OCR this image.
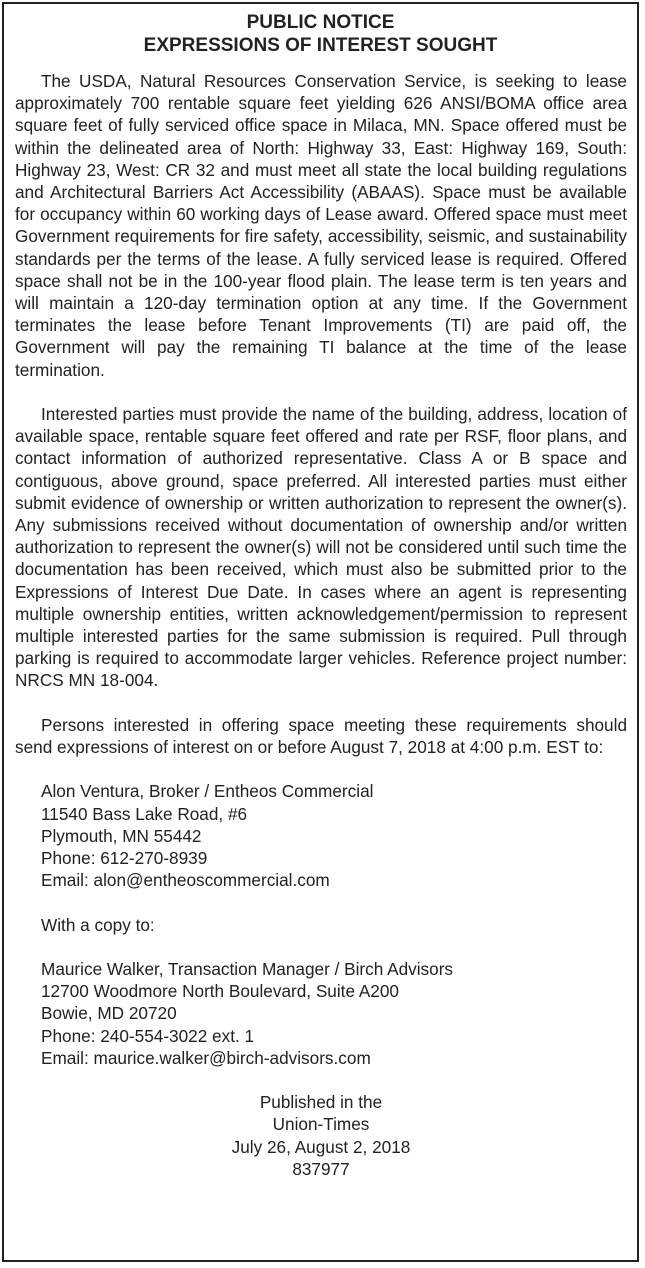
PUBLIC NOTICE
EXPRESSIONS OF INTEREST SOUGHT

The USDA, Natural Resources Conservation Service, is seeking to lease approximately 700 rentable square feet yielding 626 ANSI/BOMA office area square feet of fully serviced office space in Milaca, MN. Space offered must be within the delineated area of North: Highway 33, East: Highway 169, South: Highway 23, West: CR 32 and must meet all state the local building regulations and Architectural Barriers Act Accessibility (ABAAS). Space must be available for occupancy within 60 working days of Lease award. Offered space must meet Government requirements for fire safety, accessibility, seismic, and sustainability standards per the terms of the lease. A fully serviced lease is required. Offered space shall not be in the 100-year flood plain. The lease term is ten years and will maintain a 120-day termination option at any time. If the Government terminates the lease before Tenant Improvements (TI) are paid off, the Government will pay the remaining TI balance at the time of the lease termination.

Interested parties must provide the name of the building, address, location of available space, rentable square feet offered and rate per RSF, floor plans, and contact information of authorized representative. Class A or B space and contiguous, above ground, space preferred. All interested parties must either submit evidence of ownership or written authorization to represent the owner(s). Any submissions received without documentation of ownership and/or written authorization to represent the owner(s) will not be considered until such time the documentation has been received, which must also be submitted prior to the Expressions of Interest Due Date. In cases where an agent is representing multiple ownership entities, written acknowledgement/permission to represent multiple interested parties for the same submission is required. Pull through parking is required to accommodate larger vehicles. Reference project number: NRCS MN 18-004.

Persons interested in offering space meeting these requirements should send expressions of interest on or before August 7, 2018 at 4:00 p.m. EST to:

Alon Ventura, Broker / Entheos Commercial
11540 Bass Lake Road, #6
Plymouth, MN 55442
Phone: 612-270-8939
Email: alon@entheoscommercial.com
With a copy to:
Maurice Walker, Transaction Manager / Birch Advisors
12700 Woodmore North Boulevard, Suite A200
Bowie, MD 20720
Phone: 240-554-3022 ext. 1
Email: maurice.walker@birch-advisors.com
Published in the
Union-Times
July 26, August 2, 2018
837977
